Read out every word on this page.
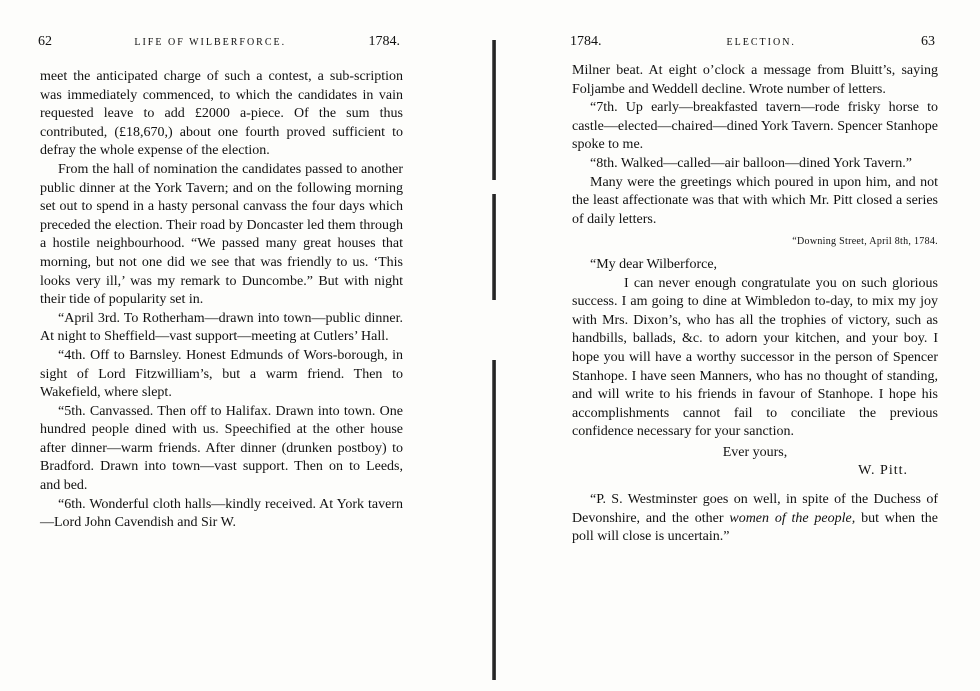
62	LIFE OF WILBERFORCE.	1784.

meet the anticipated charge of such a contest, a sub-scription was immediately commenced, to which the candidates in vain requested leave to add £2000 a-piece. Of the sum thus contributed, (£18,670,) about one fourth proved sufficient to defray the whole expense of the election.

From the hall of nomination the candidates passed to another public dinner at the York Tavern; and on the following morning set out to spend in a hasty personal canvass the four days which preceded the election. Their road by Doncaster led them through a hostile neighbourhood. “We passed many great houses that morning, but not one did we see that was friendly to us. ‘This looks very ill,’ was my remark to Duncombe.” But with night their tide of popularity set in.

“April 3rd. To Rotherham—drawn into town—public dinner. At night to Sheffield—vast support—meeting at Cutlers’ Hall.

“4th. Off to Barnsley. Honest Edmunds of Wors-borough, in sight of Lord Fitzwilliam’s, but a warm friend. Then to Wakefield, where slept.

“5th. Canvassed. Then off to Halifax. Drawn into town. One hundred people dined with us. Speechified at the other house after dinner—warm friends. After dinner (drunken postboy) to Bradford. Drawn into town—vast support. Then on to Leeds, and bed.

“6th. Wonderful cloth halls—kindly received. At York tavern—Lord John Cavendish and Sir W.

1784.	ELECTION.	63

Milner beat. At eight o’clock a message from Bluitt’s, saying Foljambe and Weddell decline. Wrote number of letters.

“7th. Up early—breakfasted tavern—rode frisky horse to castle—elected—chaired—dined York Tavern. Spencer Stanhope spoke to me.

“8th. Walked—called—air balloon—dined York Tavern.”

Many were the greetings which poured in upon him, and not the least affectionate was that with which Mr. Pitt closed a series of daily letters.

“Downing Street, April 8th, 1784.

“My dear Wilberforce,

I can never enough congratulate you on such glorious success. I am going to dine at Wimbledon to-day, to mix my joy with Mrs. Dixon’s, who has all the trophies of victory, such as handbills, ballads, &c. to adorn your kitchen, and your boy. I hope you will have a worthy successor in the person of Spencer Stanhope. I have seen Manners, who has no thought of standing, and will write to his friends in favour of Stanhope. I hope his accomplishments cannot fail to conciliate the previous confidence necessary for your sanction.

Ever yours,

W. Pitt.

“P. S. Westminster goes on well, in spite of the Duchess of Devonshire, and the other women of the people, but when the poll will close is uncertain.”
